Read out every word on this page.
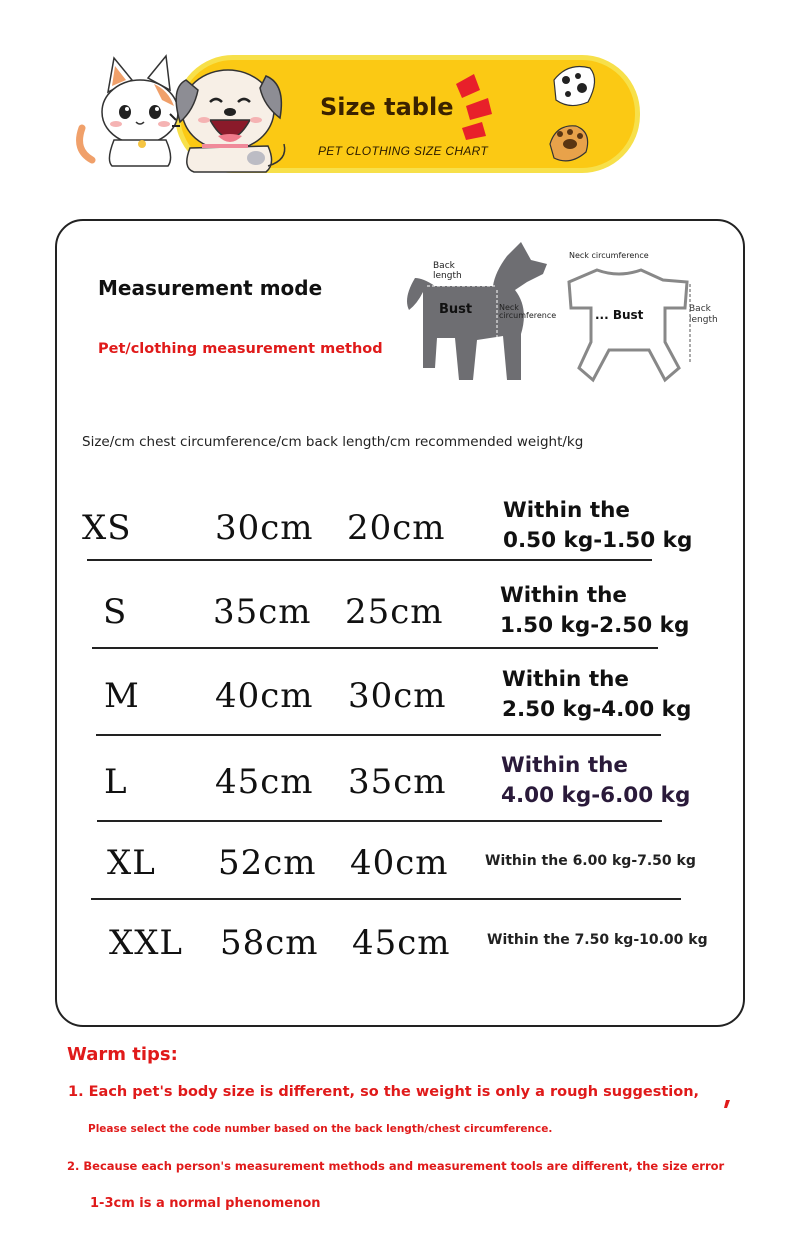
Size table
PET CLOTHING SIZE CHART
Measurement mode
Pet/clothing measurement method
Back
length
Bust	Neck
circumference
Neck circumference
... Bust	Back
length
Size/cm chest circumference/cm back length/cm recommended weight/kg
XS 30cm 20cm	Within the
0.50 kg-1.50 kg
S	35cm 25cm	Within the
1.50 kg-2.50 kg
M 40cm 30cm	Within the
2.50 kg-4.00 kg
L	45cm 35cm	Within the
4.00 kg-6.00 kg
XL 52cm 40cm	Within the 6.00 kg-7.50 kg
XXL 58cm 45cm	Within the 7.50 kg-10.00 kg
Warm tips:
1. Each pet's body size is different, so the weight is only a rough suggestion,
Please select the code number based on the back length/chest circumference.
2. Because each person's measurement methods and measurement tools are different, the size error
1-3cm is a normal phenomenon
